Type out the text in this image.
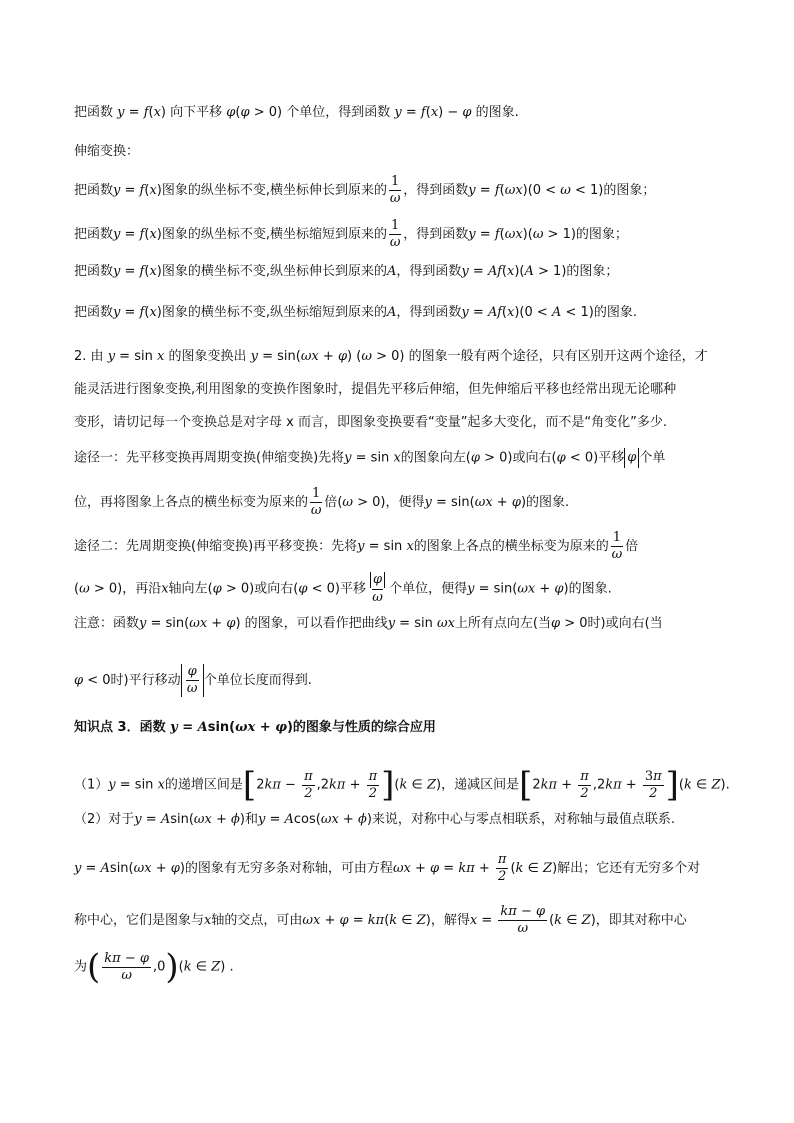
把函数 y = f(x) 向下平移 φ(φ > 0) 个单位，得到函数 y = f(x) − φ 的图象.
伸缩变换：
把函数y = f(x)图象的纵坐标不变,横坐标伸长到原来的 $\frac{1}{\omega}$ ，得到函数y = f(ωx)(0 < ω < 1)的图象；
把函数y = f(x)图象的纵坐标不变,横坐标缩短到原来的 $\frac{1}{\omega}$ ，得到函数y = f(ωx)(ω > 1)的图象；
把函数y = f(x)图象的横坐标不变,纵坐标伸长到原来的A，得到函数y = Af(x)(A > 1)的图象；
把函数y = f(x)图象的横坐标不变,纵坐标缩短到原来的A，得到函数y = Af(x)(0 < A < 1)的图象.
2. 由 y = sin x 的图象变换出 y = sin(ωx + φ) (ω > 0) 的图象一般有两个途径，只有区别开这两个途径，才
能灵活进行图象变换,利用图象的变换作图象时，提倡先平移后伸缩，但先伸缩后平移也经常出现无论哪种
变形，请切记每一个变换总是对字母 x 而言，即图象变换要看“变量”起多大变化，而不是“角变化”多少.
途径一：先平移变换再周期变换(伸缩变换)先将y = sin x的图象向左(φ > 0)或向右(φ < 0)平移 φ 个单
位，再将图象上各点的横坐标变为原来的 $\frac{1}{\omega}$ 倍(ω > 0)，便得y = sin(ωx + φ)的图象.
途径二：先周期变换(伸缩变换)再平移变换：先将y = sin x的图象上各点的横坐标变为原来的 $\frac{1}{\omega}$ 倍
(ω > 0)，再沿x轴向左(φ > 0)或向右(φ < 0)平移 $\frac{\varphi}{\omega}$ 个单位，便得y = sin(ωx + φ)的图象.
注意：函数y = sin(ωx + φ) 的图象，可以看作把曲线y = sin ωx上所有点向左(当φ > 0时)或向右(当
φ < 0时)平行移动 $\frac{\varphi}{\omega}$ 个单位长度而得到.
知识点 3．函数 y = Asin(ωx + φ)的图象与性质的综合应用
（1）y = sin x的递增区间是$[2k\pi - \frac{\pi}{2} ,2k\pi + \frac{\pi}{2} ](k$ ∈ Z)，递减区间是$[2k\pi + \frac{\pi}{2} ,2k\pi + \frac{3\pi}{2} ](k$ ∈ Z).
（2）对于y = Asin(ωx + ϕ)和y = Acos(ωx + ϕ)来说，对称中心与零点相联系，对称轴与最值点联系.
y = Asin(ωx + φ)的图象有无穷多条对称轴，可由方程$\omega x + \varphi = k\pi + \frac{\pi}{2} (k$ ∈ Z)解出；它还有无穷多个对
称中心，它们是图象与x轴的交点，可由ωx + φ = kπ(k ∈ Z)，解得$x = \frac{k\pi - \varphi}{\omega} (k$ ∈ Z)，即其对称中心
为( $\frac{k\pi - \varphi}{\omega} ,0)(k$ ∈ Z) .
